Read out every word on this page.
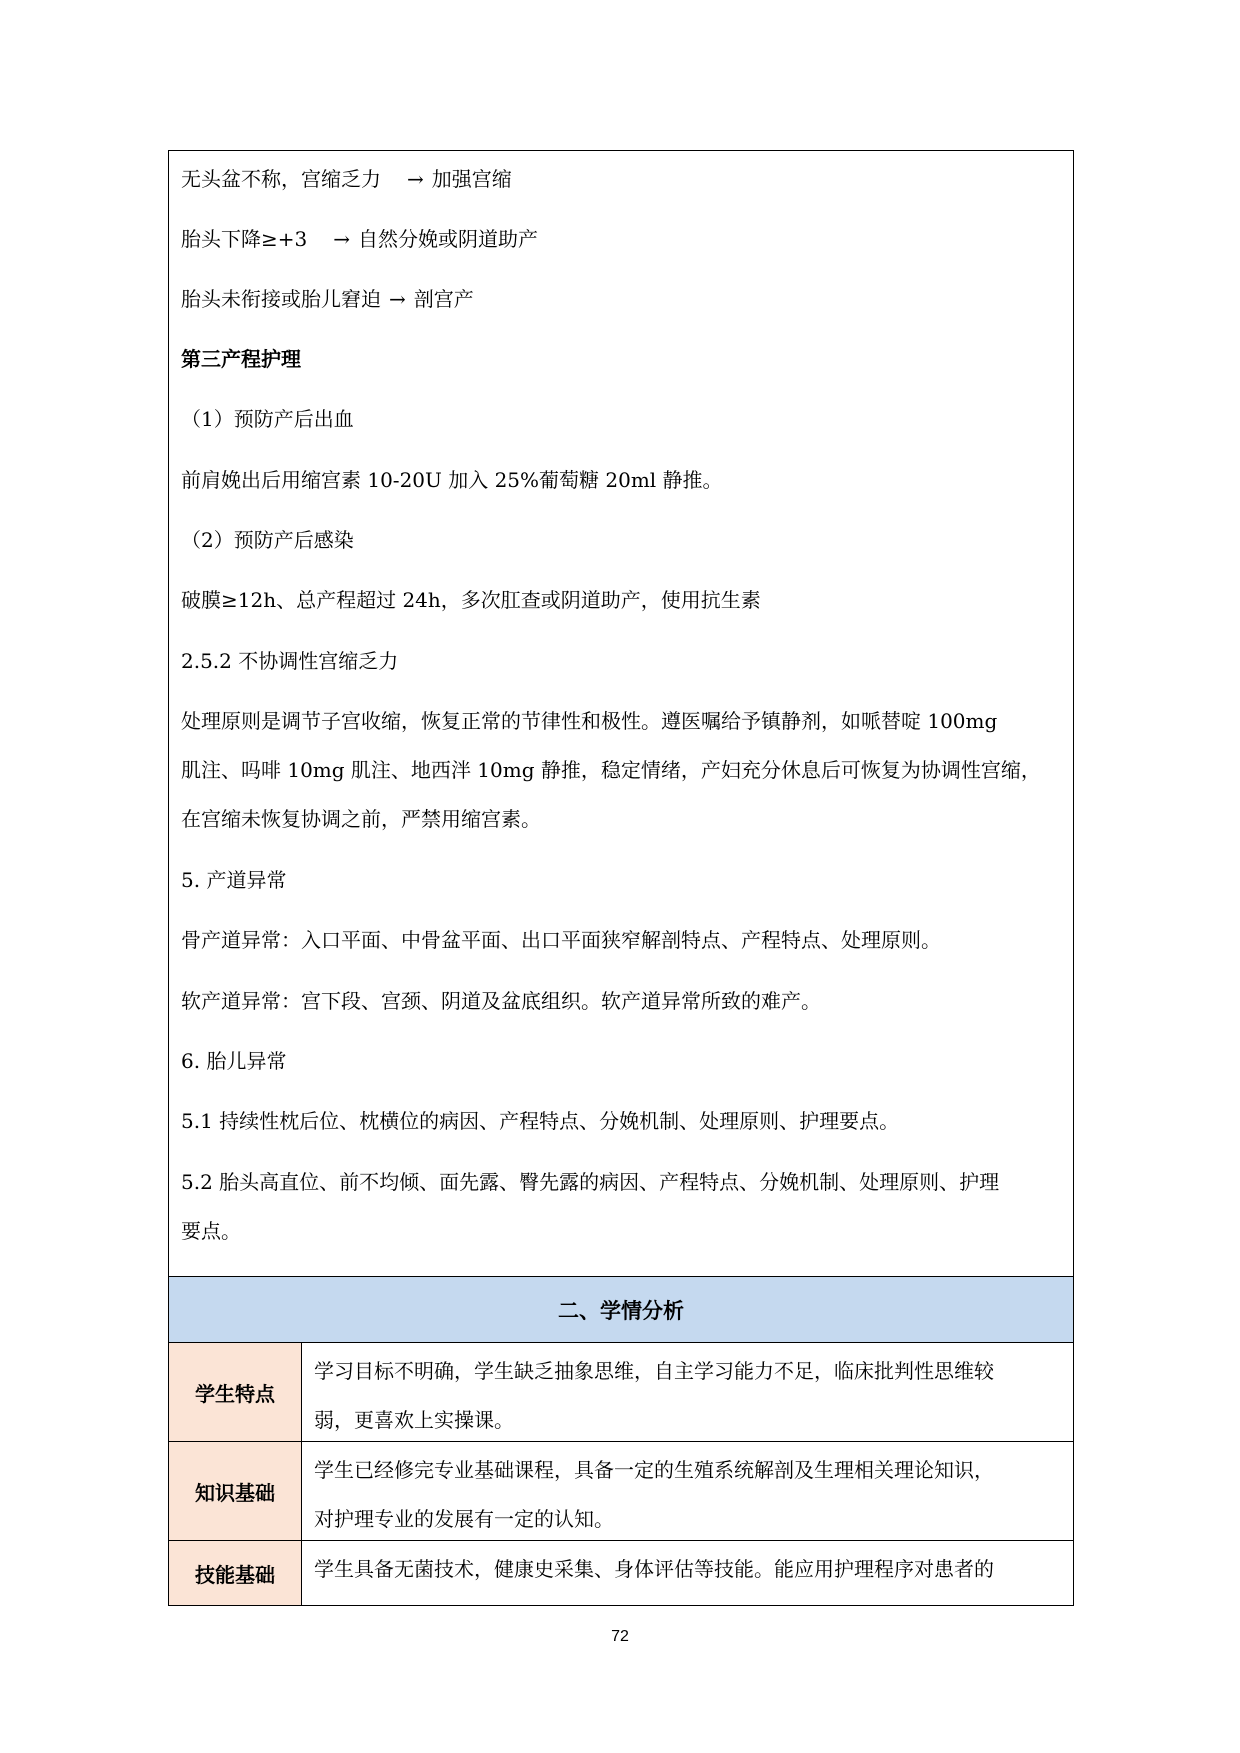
无头盆不称，宫缩乏力 → 加强宫缩
胎头下降≥+3 → 自然分娩或阴道助产
胎头未衔接或胎儿窘迫 → 剖宫产
第三产程护理
（1）预防产后出血
前肩娩出后用缩宫素 10-20U 加入 25%葡萄糖 20ml 静推。
（2）预防产后感染
破膜≥12h、总产程超过 24h，多次肛查或阴道助产，使用抗生素
2.5.2 不协调性宫缩乏力
处理原则是调节子宫收缩，恢复正常的节律性和极性。遵医嘱给予镇静剂，如哌替啶 100mg
肌注、吗啡 10mg 肌注、地西泮 10mg 静推，稳定情绪，产妇充分休息后可恢复为协调性宫缩，
在宫缩未恢复协调之前，严禁用缩宫素。
5. 产道异常
骨产道异常：入口平面、中骨盆平面、出口平面狭窄解剖特点、产程特点、处理原则。
软产道异常：宫下段、宫颈、阴道及盆底组织。软产道异常所致的难产。
6. 胎儿异常
5.1 持续性枕后位、枕横位的病因、产程特点、分娩机制、处理原则、护理要点。
5.2 胎头高直位、前不均倾、面先露、臀先露的病因、产程特点、分娩机制、处理原则、护理
要点。
二、学情分析
学生特点
学习目标不明确，学生缺乏抽象思维，自主学习能力不足，临床批判性思维较
弱，更喜欢上实操课。
知识基础
学生已经修完专业基础课程，具备一定的生殖系统解剖及生理相关理论知识，
对护理专业的发展有一定的认知。
技能基础	学生具备无菌技术，健康史采集、身体评估等技能。能应用护理程序对患者的
72
